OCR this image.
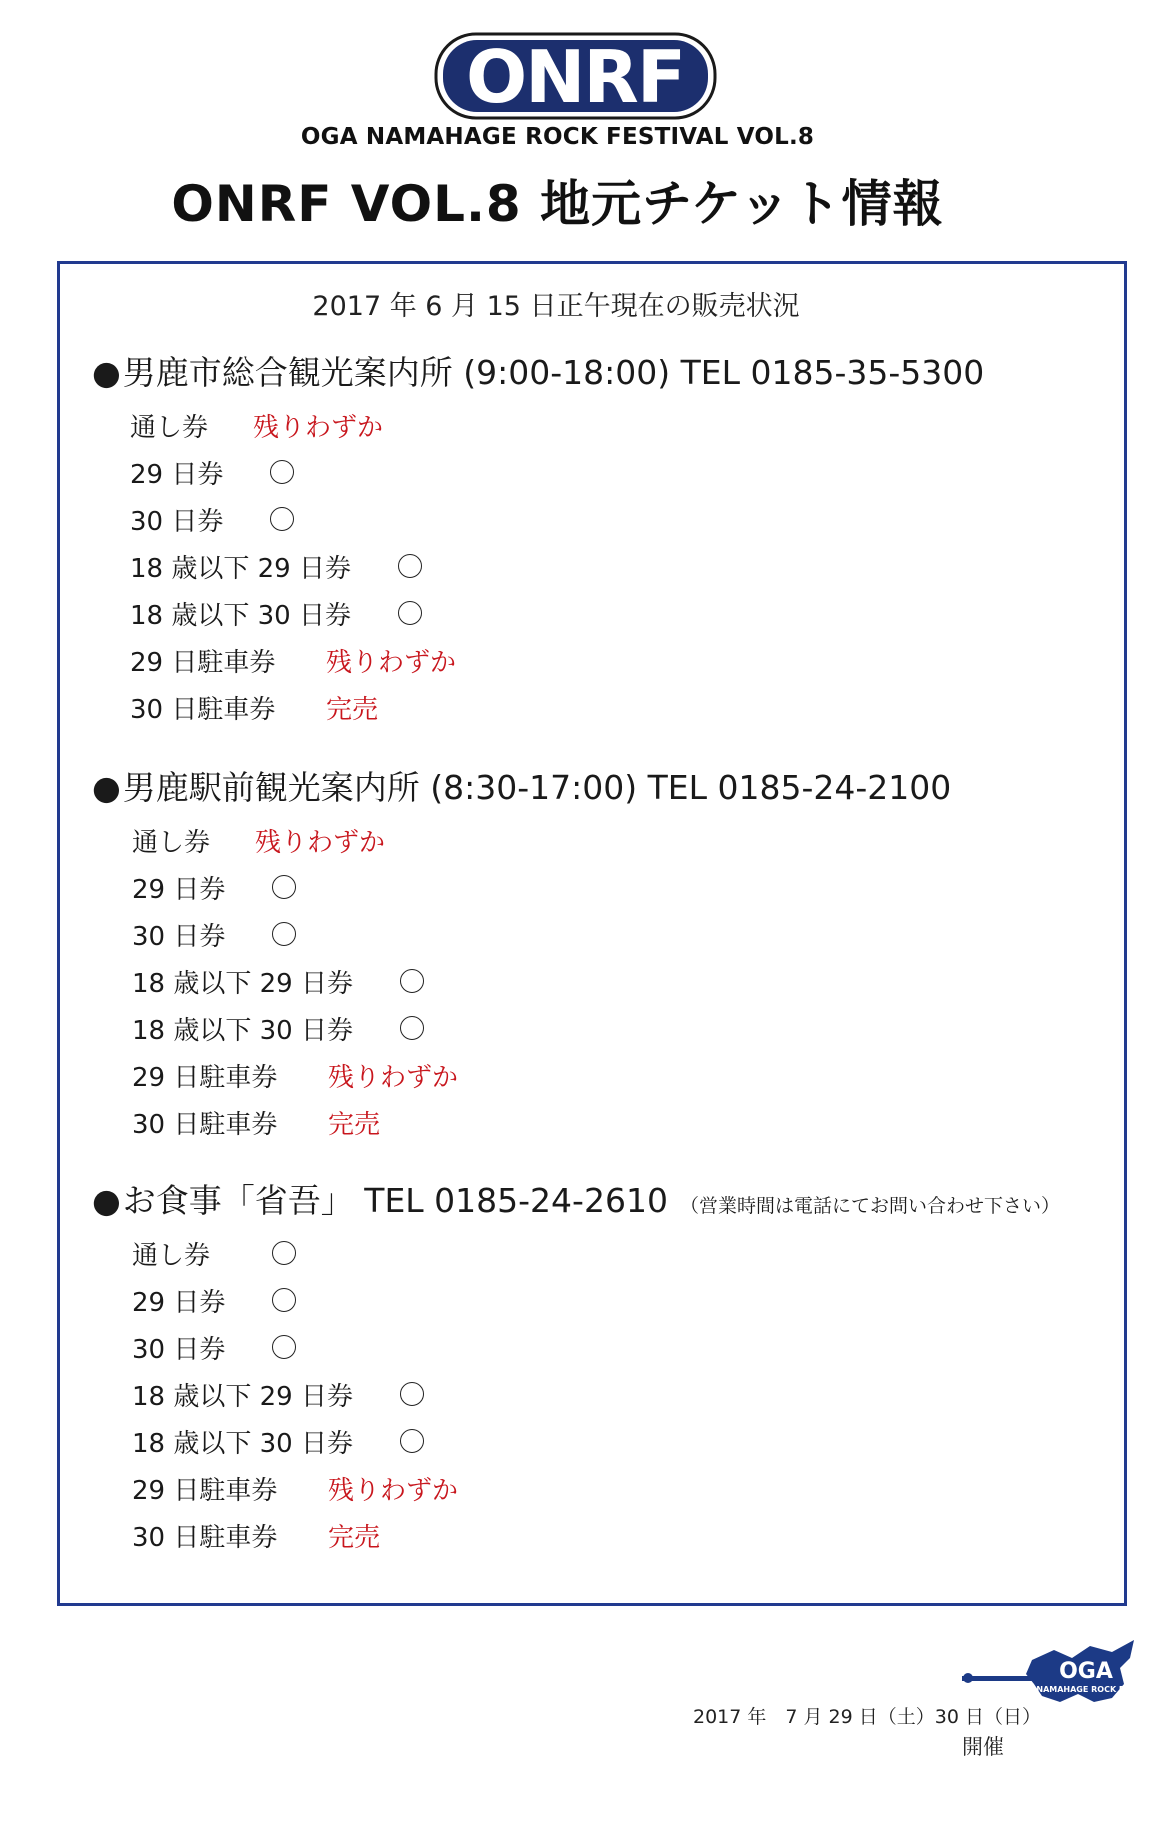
ONRF
OGA NAMAHAGE ROCK FESTIVAL VOL.8
ONRF VOL.8 地元チケット情報
2017 年 6 月 15 日正午現在の販売状況
●男鹿市総合観光案内所 (9:00-18:00) TEL 0185-35-5300
通し券 残りわずか
29 日券
30 日券
18 歳以下 29 日券
18 歳以下 30 日券
29 日駐車券 残りわずか
30 日駐車券 完売
●男鹿駅前観光案内所 (8:30-17:00) TEL 0185-24-2100
通し券 残りわずか
29 日券
30 日券
18 歳以下 29 日券
18 歳以下 30 日券
29 日駐車券 残りわずか
30 日駐車券 完売
●お食事「省吾」 TEL 0185-24-2610 （営業時間は電話にてお問い合わせ下さい）
通し券
29 日券
30 日券
18 歳以下 29 日券
18 歳以下 30 日券
29 日駐車券 残りわずか
30 日駐車券 完売
2017 年　7 月 29 日（土）30 日（日）
開催
OGA
NAMAHAGE ROCK FES
